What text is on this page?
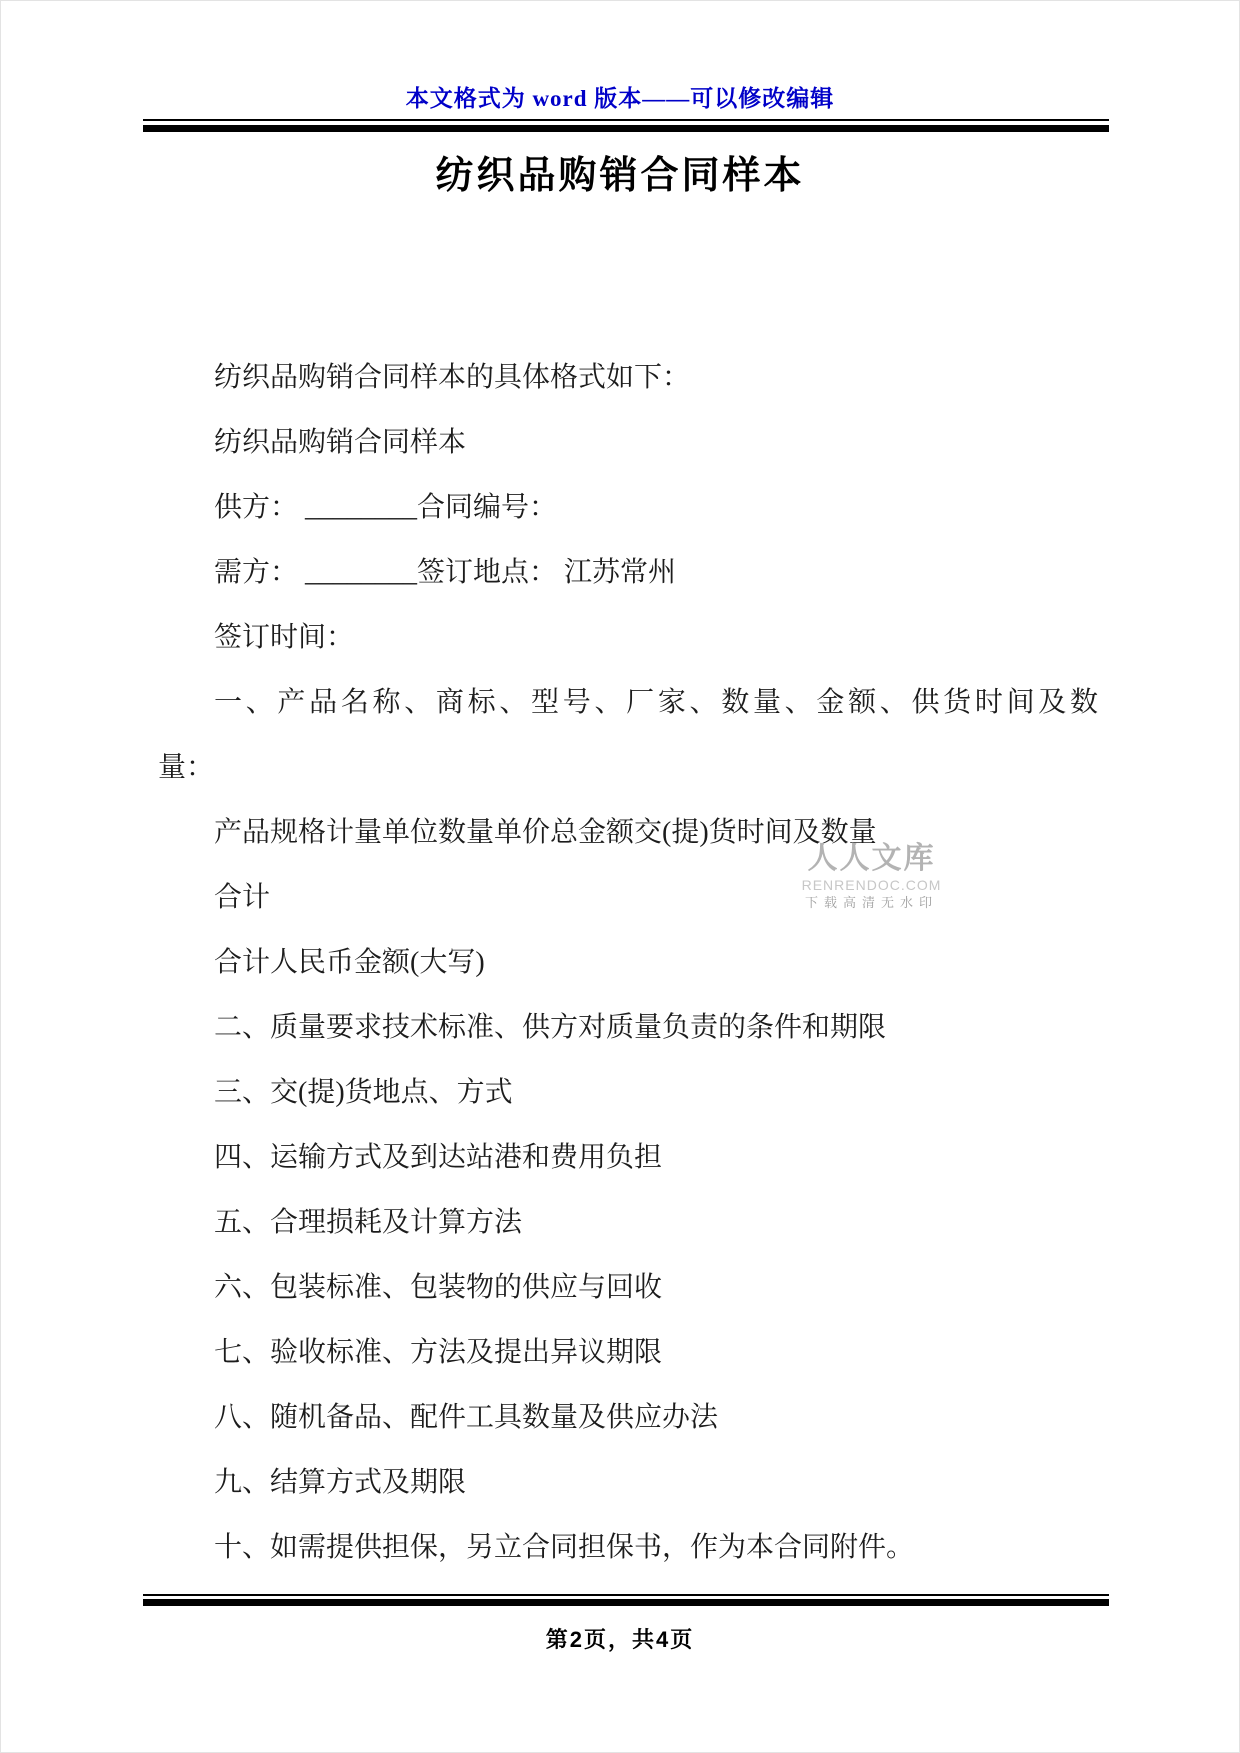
本文格式为 word 版本——可以修改编辑
纺织品购销合同样本
纺织品购销合同样本的具体格式如下：
纺织品购销合同样本
供方： ________合同编号：
需方： ________签订地点： 江苏常州
签订时间：
一、产品名称、商标、型号、厂家、数量、金额、供货时间及数
量：
产品规格计量单位数量单价总金额交(提)货时间及数量
合计
合计人民币金额(大写)
二、质量要求技术标准、供方对质量负责的条件和期限
三、交(提)货地点、方式
四、运输方式及到达站港和费用负担
五、合理损耗及计算方法
六、包装标准、包装物的供应与回收
七、验收标准、方法及提出异议期限
八、随机备品、配件工具数量及供应办法
九、结算方式及期限
十、如需提供担保，另立合同担保书，作为本合同附件。
人人文库
RENRENDOC.COM
下载高清无水印
第2页，共4页
